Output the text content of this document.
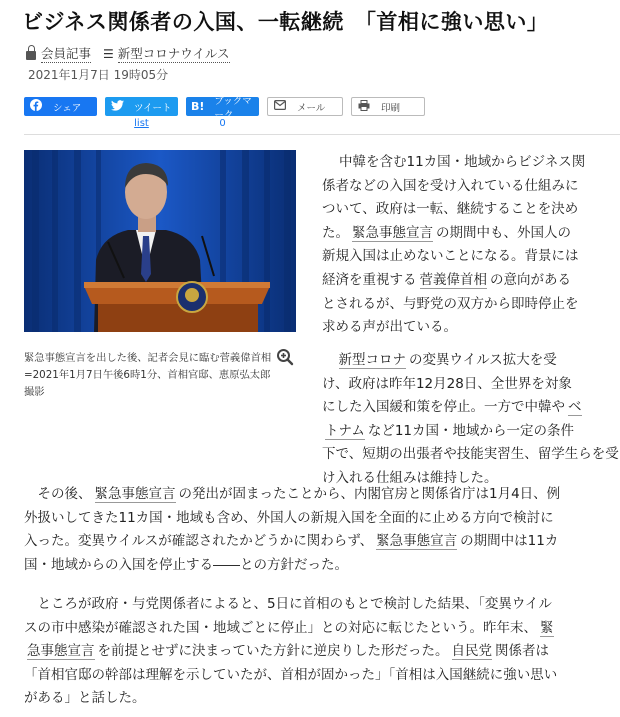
ビジネス関係者の入国、一転継続　「首相に強い思い」
会員記事 ☰ 新型コロナウイルス
2021年1月7日 19時05分
シェア	ツイート
list
B! ブックマーク
0
メール	印刷
緊急事態宣言を出した後、記者会見に臨む菅義偉首相=2021年1月7日午後6時1分、首相官邸、恵原弘太郎撮影

中韓を含む11カ国・地域からビジネス関
係者などの入国を受け入れている仕組みに
ついて、政府は一転、継続することを決め
た。 緊急事態宣言 の期間中も、外国人の
新規入国は止めないことになる。背景には
経済を重視する 菅義偉首相 の意向がある
とされるが、与野党の双方から即時停止を
求める声が出ている。

　新型コロナ の変異ウイルス拡大を受
け、政府は昨年12月28日、全世界を対象
にした入国緩和策を停止。一方で中韓や ベ
トナム など11カ国・地域から一定の条件
下で、短期の出張者や技能実習生、留学生らを受け入れる仕組みは維持した。

　その後、 緊急事態宣言 の発出が固まったことから、内閣官房と関係省庁は1月4日、例
外扱いしてきた11カ国・地域も含め、外国人の新規入国を全面的に止める方向で検討に
入った。変異ウイルスが確認されたかどうかに関わらず、 緊急事態宣言 の期間中は11カ
国・地域からの入国を停止する――との方針だった。

　ところが政府・与党関係者によると、5日に首相のもとで検討した結果、「変異ウイル
スの市中感染が確認された国・地域ごとに停止」との対応に転じたという。昨年末、 緊
急事態宣言 を前提とせずに決まっていた方針に逆戻りした形だった。 自民党 関係者は
「首相官邸の幹部は理解を示していたが、首相が固かった」「首相は入国継続に強い思い
がある」と話した。
